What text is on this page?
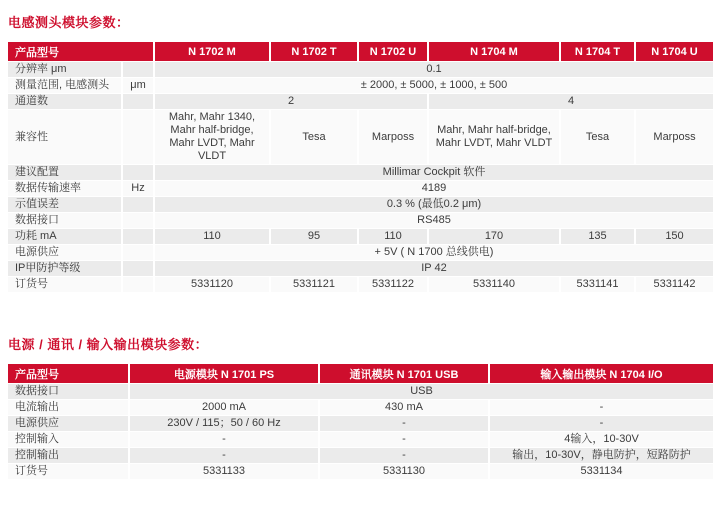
电感测头模块参数：
产品型号		N 1702 M	N 1702 T	N 1702 U	N 1704 M	N 1704 T	N 1704 U
分辨率 μm		0.1					
测量范围, 电感测头	μm	± 2000, ± 5000, ± 1000, ± 500					
通道数		2			4		
兼容性		Mahr, Mahr 1340, Mahr half-bridge, Mahr LVDT, Mahr VLDT	Tesa	Marposs	Mahr, Mahr half-bridge, Mahr LVDT, Mahr VLDT	Tesa	Marposs
建议配置		Millimar Cockpit 软件					
数据传输速率	Hz	4189					
示值误差		0.3 % (最低0.2 μm)					
数据接口		RS485					
功耗 mA		110	95	110	170	135	150
电源供应		+ 5V ( N 1700 总线供电)					
IP甲防护等级		IP 42					
订货号		5331120	5331121	5331122	5331140	5331141	5331142
电源 / 通讯 / 输入输出模块参数：
产品型号	电源模块 N 1701 PS	通讯模块 N 1701 USB	输入输出模块 N 1704 I/O
数据接口	USB		
电流输出	2000 mA	430 mA	-
电源供应	230V / 115；50 / 60 Hz	-	-
控制输入	-	-	4输入，10-30V
控制输出	-	-	输出，10-30V，静电防护，短路防护
订货号	5331133	5331130	5331134
